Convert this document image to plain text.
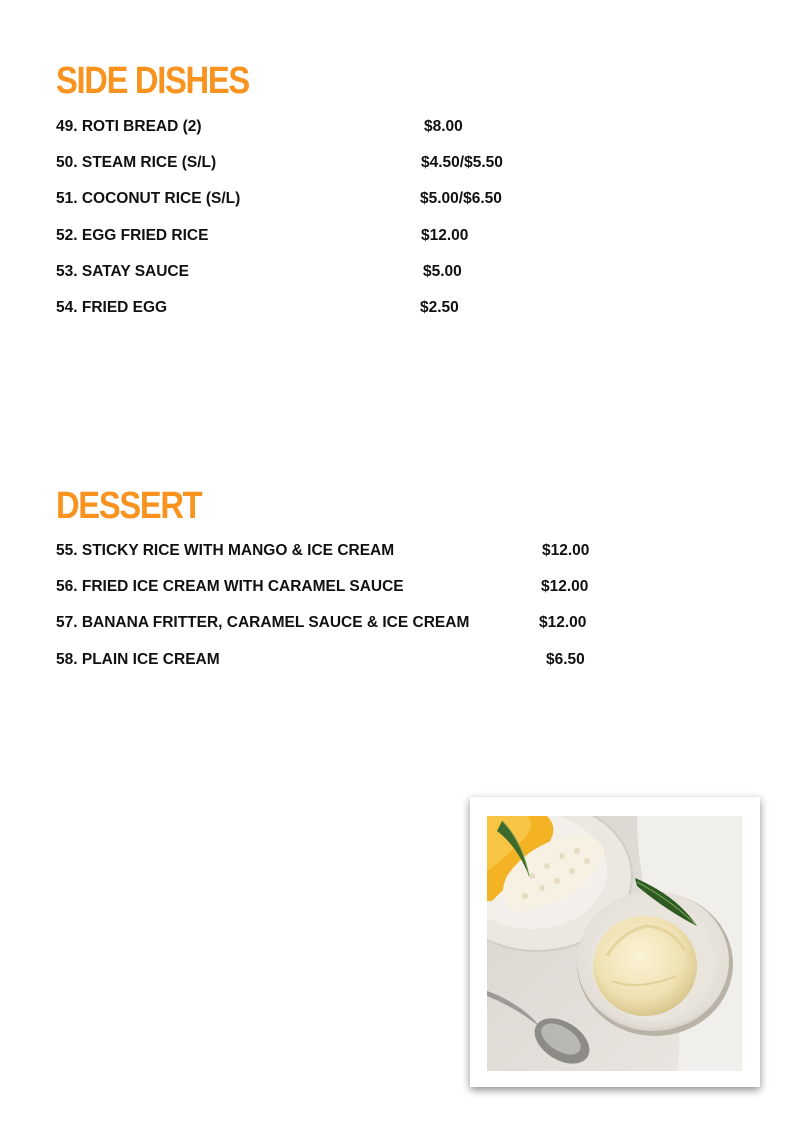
SIDE DISHES
49. ROTI BREAD (2)	$8.00
50. STEAM RICE (S/L)	$4.50/$5.50
51. COCONUT RICE (S/L)	$5.00/$6.50
52. EGG FRIED RICE	$12.00
53. SATAY SAUCE	$5.00
54. FRIED EGG	$2.50
DESSERT
55. STICKY RICE WITH MANGO & ICE CREAM	$12.00
56. FRIED ICE CREAM WITH CARAMEL SAUCE	$12.00
57. BANANA FRITTER, CARAMEL SAUCE & ICE CREAM	$12.00
58. PLAIN ICE CREAM	$6.50
